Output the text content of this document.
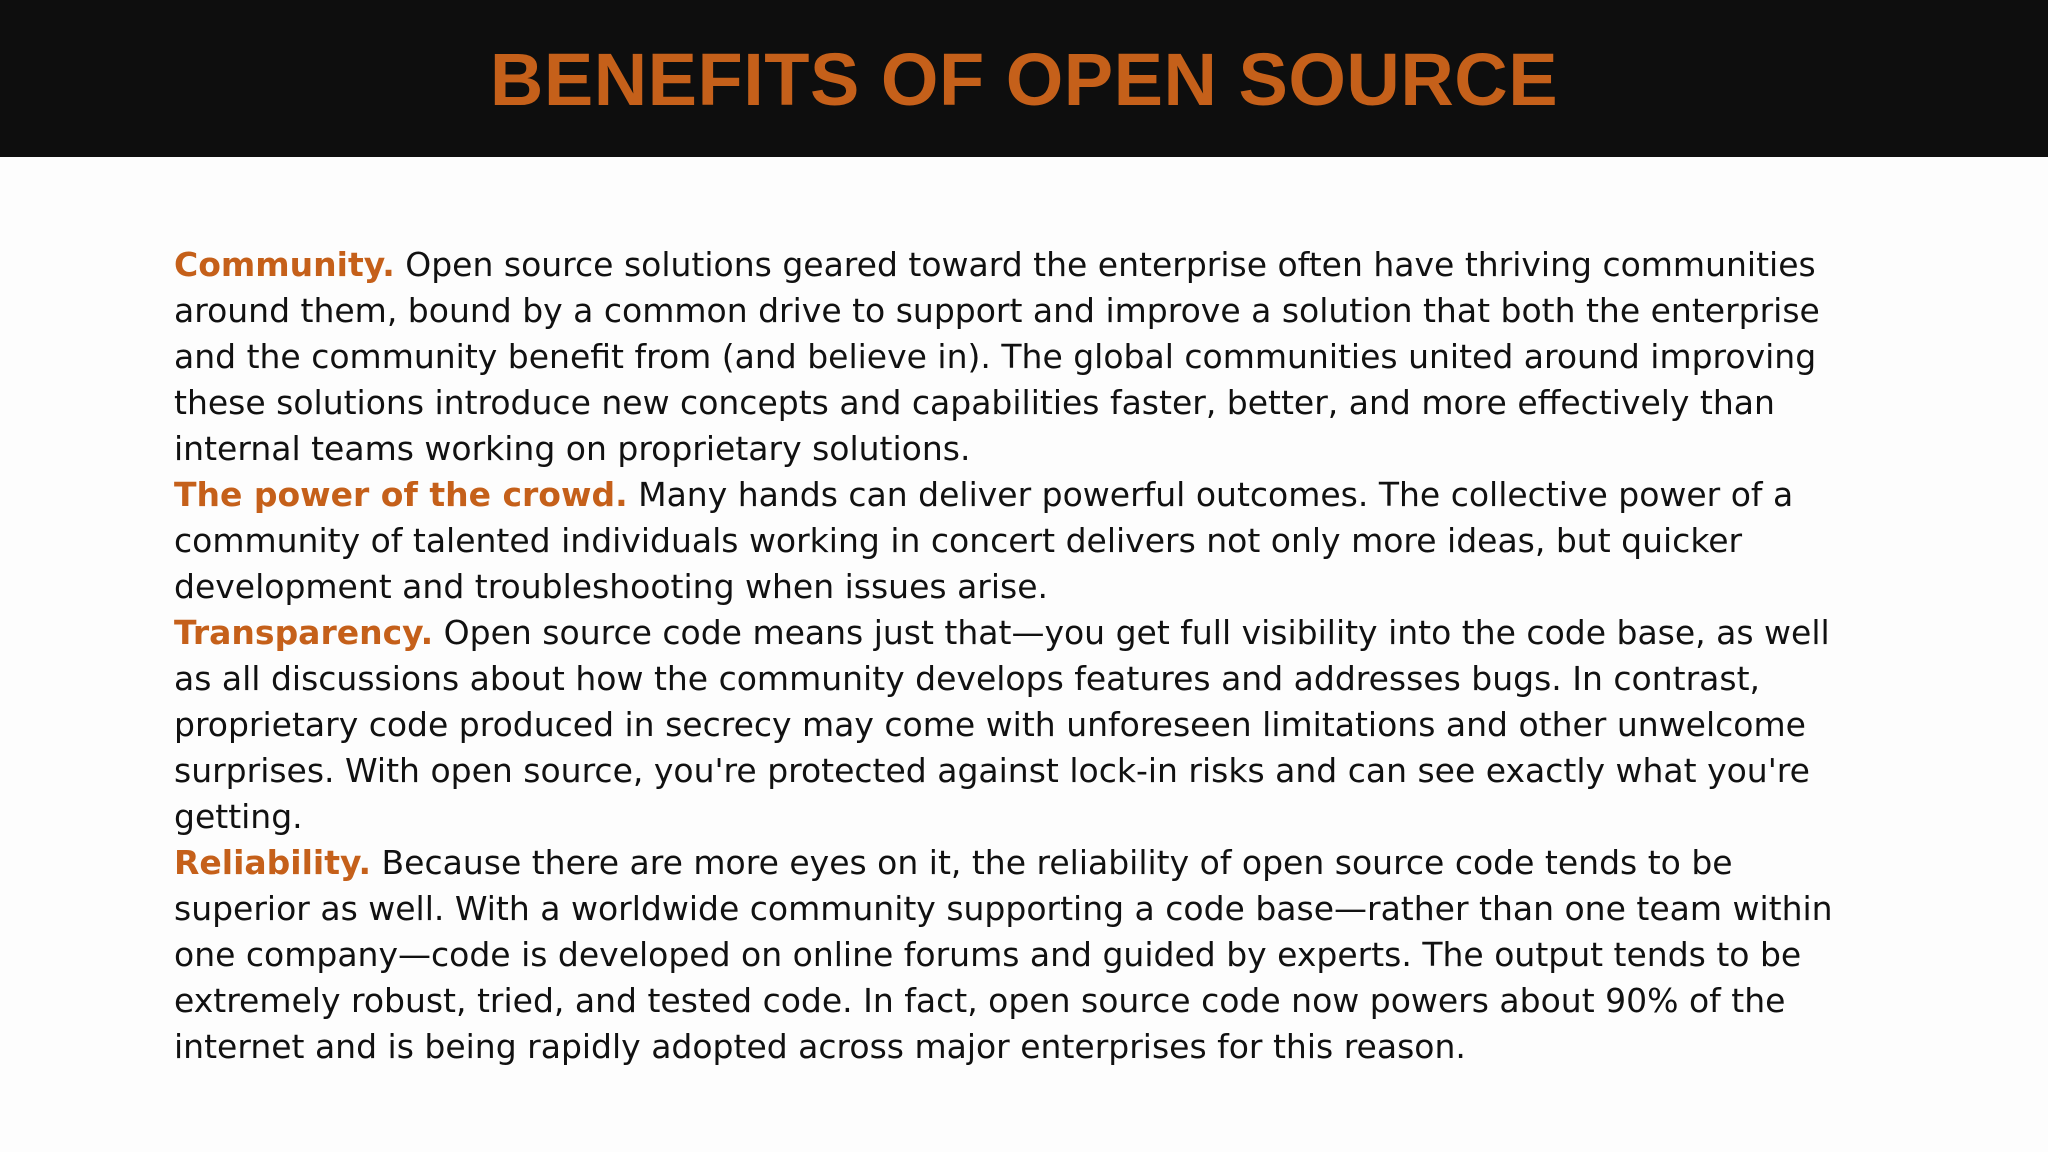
BENEFITS OF OPEN SOURCE

Community. Open source solutions geared toward the enterprise often have thriving communities around them, bound by a common drive to support and improve a solution that both the enterprise and the community benefit from (and believe in). The global communities united around improving these solutions introduce new concepts and capabilities faster, better, and more effectively than internal teams working on proprietary solutions.

The power of the crowd. Many hands can deliver powerful outcomes. The collective power of a community of talented individuals working in concert delivers not only more ideas, but quicker development and troubleshooting when issues arise.

Transparency. Open source code means just that—you get full visibility into the code base, as well as all discussions about how the community develops features and addresses bugs. In contrast, proprietary code produced in secrecy may come with unforeseen limitations and other unwelcome surprises. With open source, you're protected against lock-in risks and can see exactly what you're getting.

Reliability. Because there are more eyes on it, the reliability of open source code tends to be superior as well. With a worldwide community supporting a code base—rather than one team within one company—code is developed on online forums and guided by experts. The output tends to be extremely robust, tried, and tested code. In fact, open source code now powers about 90% of the internet and is being rapidly adopted across major enterprises for this reason.
